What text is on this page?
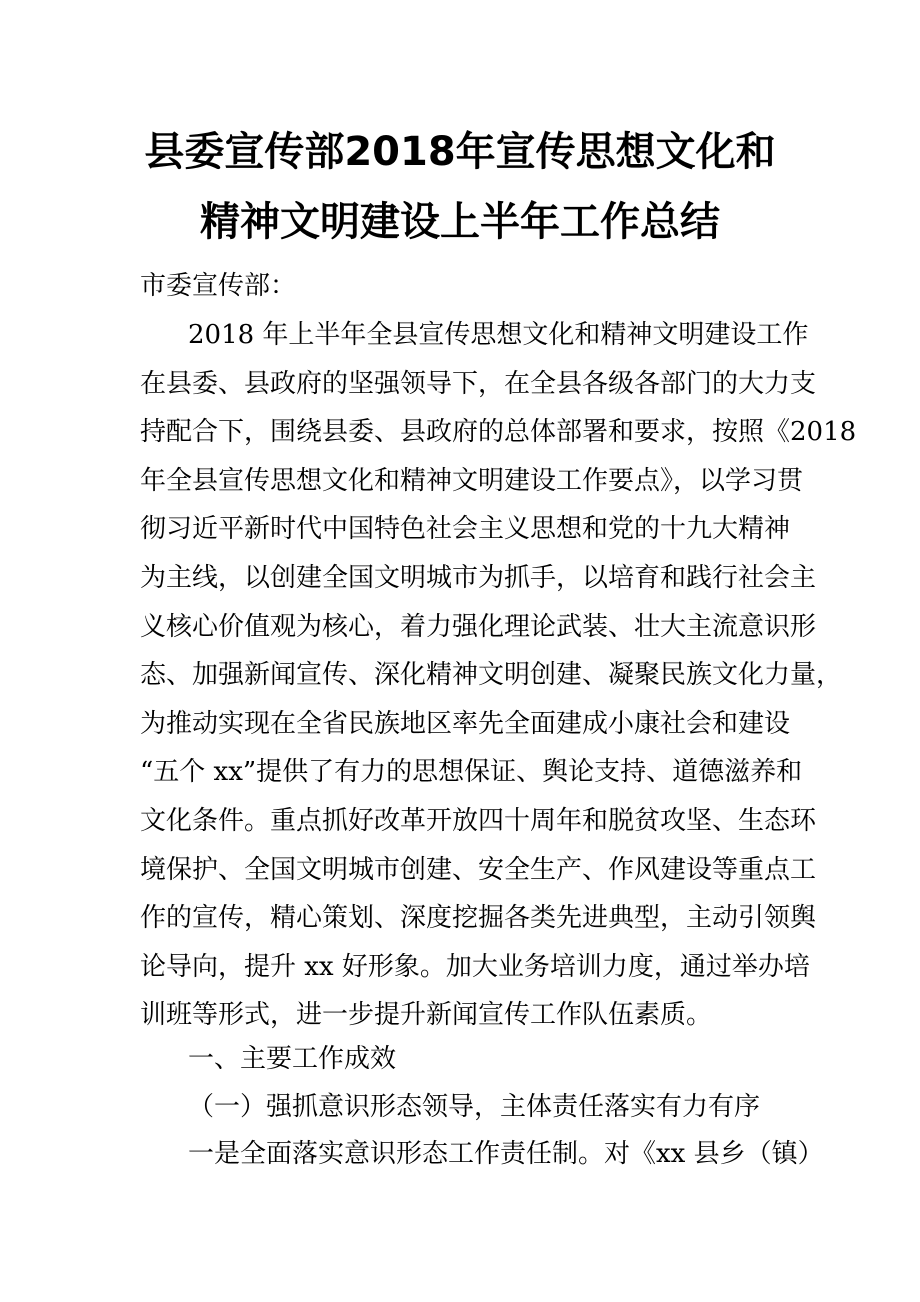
县委宣传部2018年宣传思想文化和
精神文明建设上半年工作总结
市委宣传部：
2018 年上半年全县宣传思想文化和精神文明建设工作
在县委、县政府的坚强领导下，在全县各级各部门的大力支
持配合下，围绕县委、县政府的总体部署和要求，按照《2018
年全县宣传思想文化和精神文明建设工作要点》，以学习贯
彻习近平新时代中国特色社会主义思想和党的十九大精神
为主线，以创建全国文明城市为抓手，以培育和践行社会主
义核心价值观为核心，着力强化理论武装、壮大主流意识形
态、加强新闻宣传、深化精神文明创建、凝聚民族文化力量，
为推动实现在全省民族地区率先全面建成小康社会和建设
“五个 xx”提供了有力的思想保证、舆论支持、道德滋养和
文化条件。重点抓好改革开放四十周年和脱贫攻坚、生态环
境保护、全国文明城市创建、安全生产、作风建设等重点工
作的宣传，精心策划、深度挖掘各类先进典型，主动引领舆
论导向，提升 xx 好形象。加大业务培训力度，通过举办培
训班等形式，进一步提升新闻宣传工作队伍素质。
一、主要工作成效
（一）强抓意识形态领导，主体责任落实有力有序
一是全面落实意识形态工作责任制。对《xx 县乡（镇）
